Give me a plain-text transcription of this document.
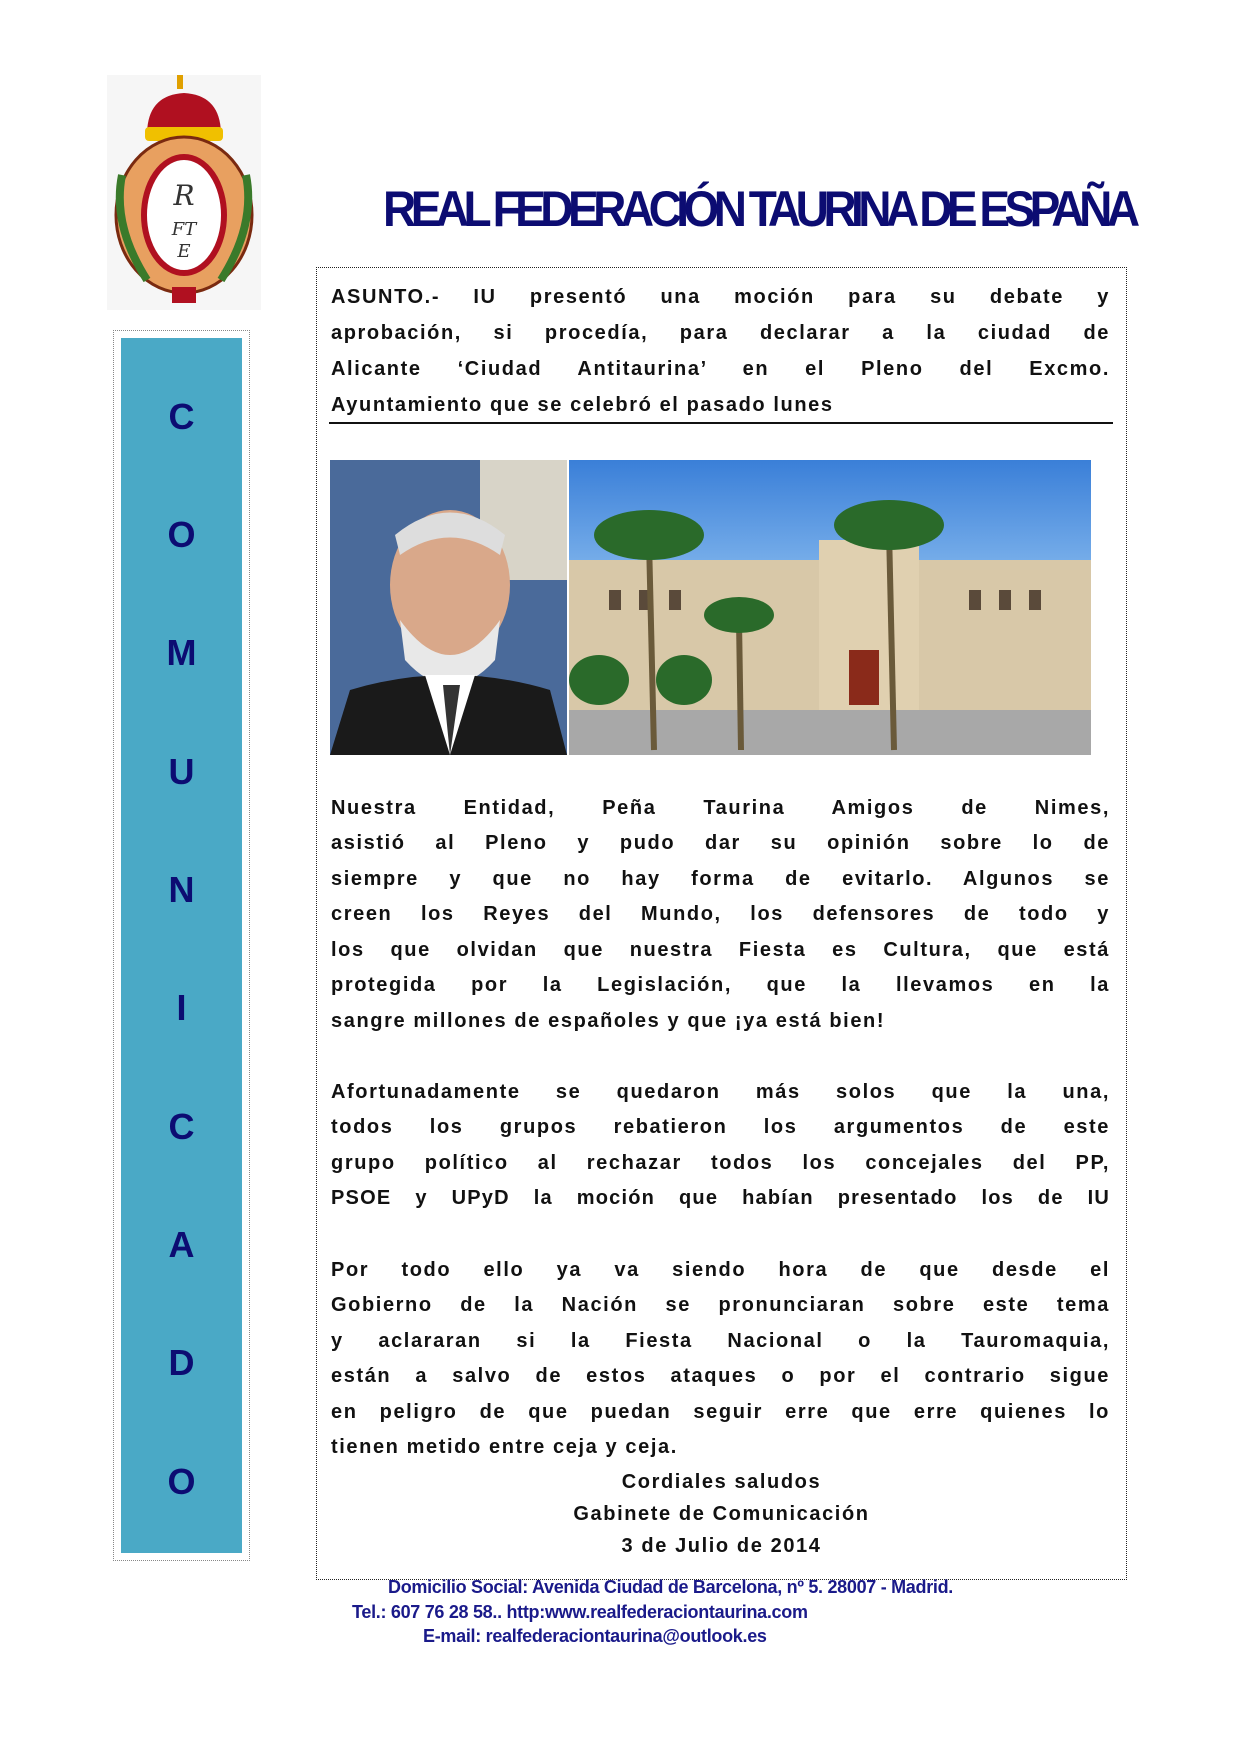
R
FT
E
REAL FEDERACIÓN TAURINA DE ESPAÑA
C
O
M
U
N
I
C
A
D
O
ASUNTO.- IU presentó una moción para su debate y
aprobación, si procedía, para declarar a la ciudad de
Alicante ‘Ciudad Antitaurina’ en el Pleno del Excmo.
Ayuntamiento que se celebró el pasado lunes
Nuestra Entidad, Peña Taurina Amigos de Nimes,
asistió al Pleno y pudo dar su opinión sobre lo de
siempre y que no hay forma de evitarlo. Algunos se
creen los Reyes del Mundo, los defensores de todo y
los que olvidan que nuestra Fiesta es Cultura, que está
protegida por la Legislación, que la llevamos en la
sangre millones de españoles y que ¡ya está bien!
Afortunadamente se quedaron más solos que la una,
todos los grupos rebatieron los argumentos de este
grupo político al rechazar todos los concejales del PP,
PSOE y UPyD la moción que habían presentado los de IU
Por todo ello ya va siendo hora de que desde el
Gobierno de la Nación se pronunciaran sobre este tema
y aclararan si la Fiesta Nacional o la Tauromaquia,
están a salvo de estos ataques o por el contrario sigue
en peligro de que puedan seguir erre que erre quienes lo
tienen metido entre ceja y ceja.
Cordiales saludos
Gabinete de Comunicación
3 de Julio de 2014
Domicilio Social: Avenida Ciudad de Barcelona, nº 5. 28007 - Madrid.
Tel.: 607 76 28 58.. http:www.realfederaciontaurina.com
E-mail: realfederaciontaurina@outlook.es
